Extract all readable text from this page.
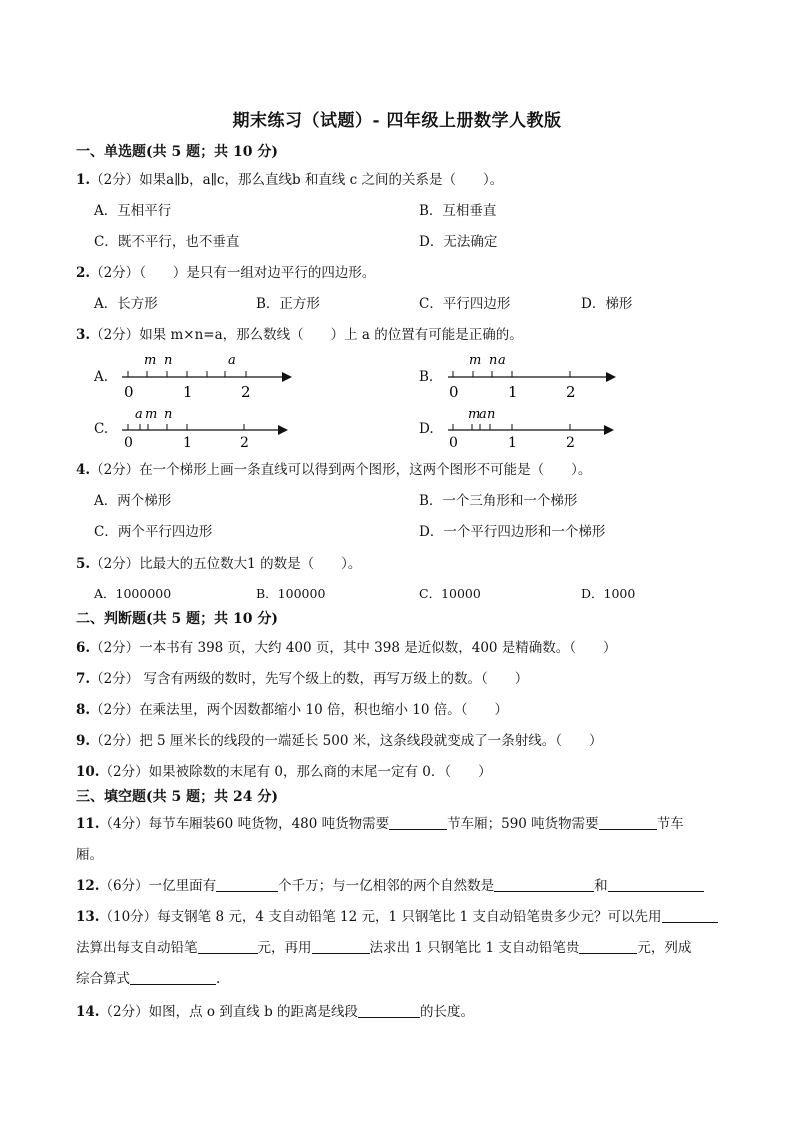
期末练习（试题）- 四年级上册数学人教版
一、单选题(共 5 题；共 10 分)
1.（2分）如果a∥b，a∥c，那么直线b 和直线 c 之间的关系是（　　）。
A．互相平行	B．互相垂直
C．既不平行，也不垂直	D．无法确定
2.（2分）（　　）是只有一组对边平行的四边形。
A．长方形	B．正方形	C．平行四边形	D．梯形
3.（2分）如果 m×n=a，那么数线（　　）上 a 的位置有可能是正确的。
A.
m n	a
0	1	2
B.
m n a
0	1	2
C.
a m n
0	1	2
D.
m
a n
0	1	2
4.（2分）在一个梯形上画一条直线可以得到两个图形，这两个图形不可能是（　　）。
A．两个梯形	B．一个三角形和一个梯形
C．两个平行四边形	D．一个平行四边形和一个梯形
5.（2分）比最大的五位数大1 的数是（　　）。
A．1000000	B．100000	C．10000	D．1000
二、判断题(共 5 题；共 10 分)
6.（2分）一本书有 398 页，大约 400 页，其中 398 是近似数，400 是精确数。（　　）
7.（2分） 写含有两级的数时，先写个级上的数，再写万级上的数。（　　）
8.（2分）在乘法里，两个因数都缩小 10 倍，积也缩小 10 倍。（　　）
9.（2分）把 5 厘米长的线段的一端延长 500 米，这条线段就变成了一条射线。（　　）
10.（2分）如果被除数的末尾有 0，那么商的末尾一定有 0．（　　）
三、填空题(共 5 题；共 24 分)
11.（4分）每节车厢装60 吨货物，480 吨货物需要	节车厢；590 吨货物需要	节车
厢。
12.（6分）一亿里面有	个千万；与一亿相邻的两个自然数是	和
13.（10分）每支钢笔 8 元，4 支自动铅笔 12 元，1 只钢笔比 1 支自动铅笔贵多少元？可以先用
法算出每支自动铅笔	元，再用	法求出 1 只钢笔比 1 支自动铅笔贵	元，列成
综合算式	.
14.（2分）如图，点 o 到直线 b 的距离是线段	的长度。
